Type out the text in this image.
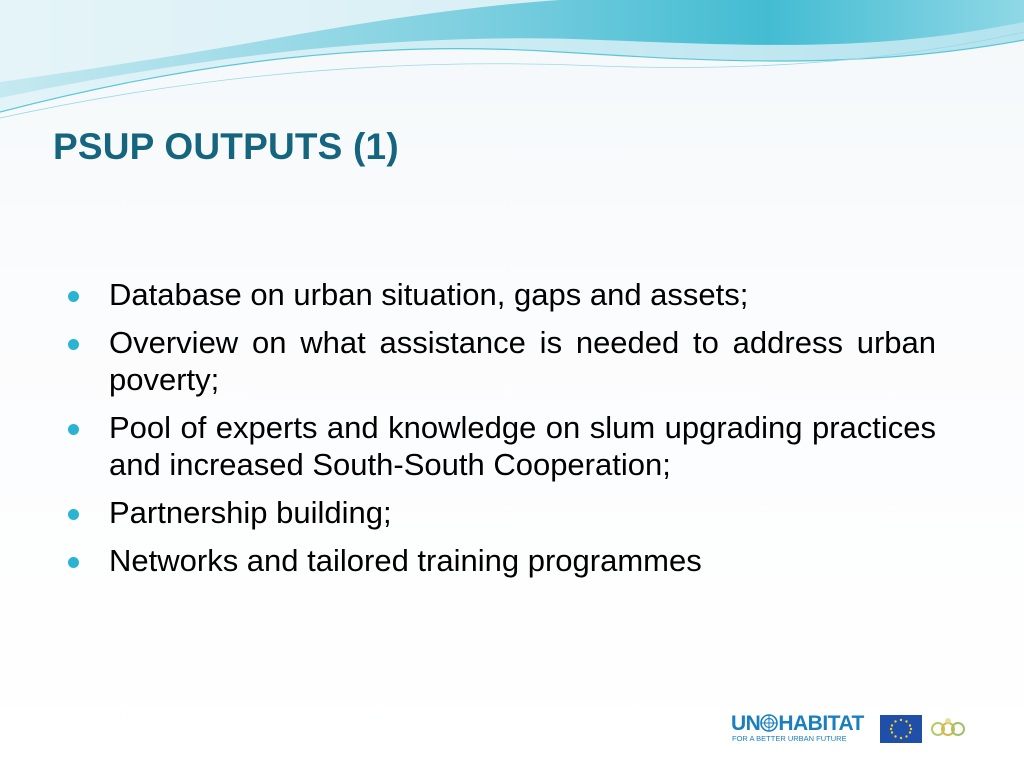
PSUP OUTPUTS (1)
Database on urban situation, gaps and assets;
Overview on what assistance is needed to address urban poverty;
Pool of experts and knowledge on slum upgrading practices and increased South-South Cooperation;
Partnership building;
Networks and tailored training programmes
UN HABITAT
FOR A BETTER URBAN FUTURE
